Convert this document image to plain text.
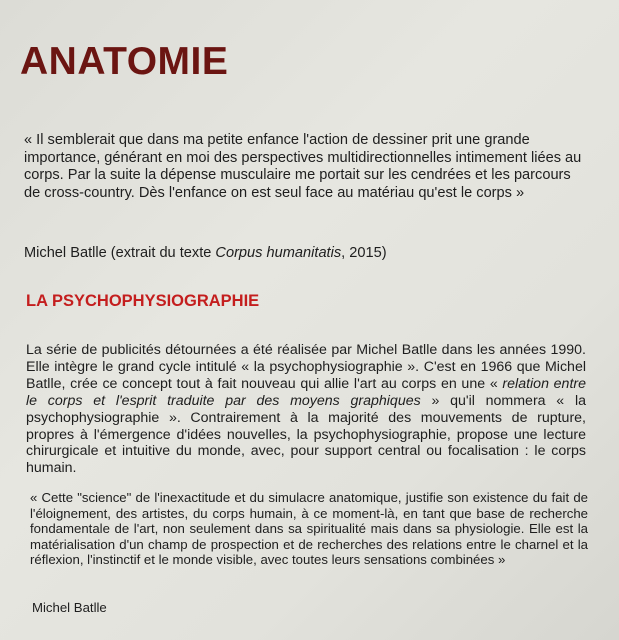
ANATOMIE

« Il semblerait que dans ma petite enfance l'action de dessiner prit une grande importance, générant en moi des perspectives multidirectionnelles intimement liées au corps. Par la suite la dépense musculaire me portait sur les cendrées et les parcours de cross-country. Dès l'enfance on est seul face au matériau qu'est le corps »

Michel Batlle (extrait du texte Corpus humanitatis, 2015)

LA PSYCHOPHYSIOGRAPHIE

La série de publicités détournées a été réalisée par Michel Batlle dans les années 1990. Elle intègre le grand cycle intitulé « la psychophysiographie ». C'est en 1966 que Michel Batlle, crée ce concept tout à fait nouveau qui allie l'art au corps en une « relation entre le corps et l'esprit traduite par des moyens graphiques » qu'il nommera « la psychophysiographie ». Contrairement à la majorité des mouvements de rupture, propres à l'émergence d'idées nouvelles, la psychophysiographie, propose une lecture chirurgicale et intuitive du monde, avec, pour support central ou focalisation : le corps humain.

« Cette "science" de l'inexactitude et du simulacre anatomique, justifie son existence du fait de l'éloignement, des artistes, du corps humain, à ce moment-là, en tant que base de recherche fondamentale de l'art, non seulement dans sa spiritualité mais dans sa physiologie. Elle est la matérialisation d'un champ de prospection et de recherches des relations entre le charnel et la réflexion, l'instinctif et le monde visible, avec toutes leurs sensations combinées »

Michel Batlle
